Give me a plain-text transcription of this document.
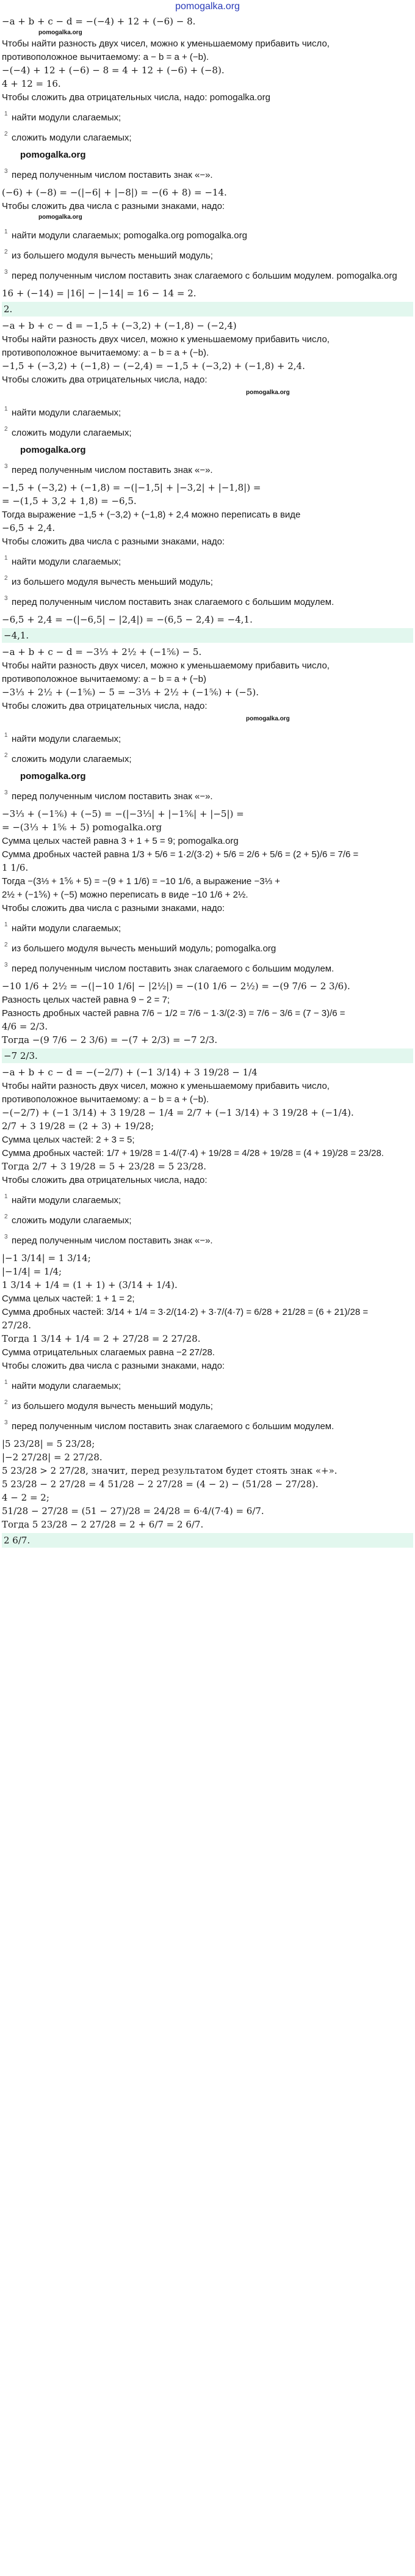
pomogalka.org
−a + b + c − d = −(−4) + 12 + (−6) − 8.
pomogalka.org
Чтобы найти разность двух чисел, можно к уменьшаемому прибавить число,
противоположное вычитаемому: a − b = a + (−b).
−(−4) + 12 + (−6) − 8 = 4 + 12 + (−6) + (−8).
4 + 12 = 16.
Чтобы сложить два отрицательных числа, надо: pomogalka.org
1 найти модули слагаемых;
2 сложить модули слагаемых;
pomogalka.org
3 перед полученным числом поставить знак «−».
(−6) + (−8) = −(|−6| + |−8|) = −(6 + 8) = −14.
Чтобы сложить два числа с разными знаками, надо:
pomogalka.org
1 найти модули слагаемых; pomogalka.org pomogalka.org
2 из большего модуля вычесть меньший модуль;
3 перед полученным числом поставить знак слагаемого с большим модулем. pomogalka.org
16 + (−14) = |16| − |−14| = 16 − 14 = 2.
2.
−a + b + c − d = −1,5 + (−3,2) + (−1,8) − (−2,4)
Чтобы найти разность двух чисел, можно к уменьшаемому прибавить число,
противоположное вычитаемому: a − b = a + (−b).
−1,5 + (−3,2) + (−1,8) − (−2,4) = −1,5 + (−3,2) + (−1,8) + 2,4.
Чтобы сложить два отрицательных числа, надо:
pomogalka.org
1 найти модули слагаемых;
2 сложить модули слагаемых;
pomogalka.org
3 перед полученным числом поставить знак «−».
−1,5 + (−3,2) + (−1,8) = −(|−1,5| + |−3,2| + |−1,8|) =
= −(1,5 + 3,2 + 1,8) = −6,5.
Тогда выражение −1,5 + (−3,2) + (−1,8) + 2,4 можно переписать в виде
−6,5 + 2,4.
Чтобы сложить два числа с разными знаками, надо:
1 найти модули слагаемых;
2 из большего модуля вычесть меньший модуль;
3 перед полученным числом поставить знак слагаемого с большим модулем.
−6,5 + 2,4 = −(|−6,5| − |2,4|) = −(6,5 − 2,4) = −4,1.
−4,1.
−a + b + c − d = −3⅓ + 2½ + (−1⅚) − 5.
Чтобы найти разность двух чисел, можно к уменьшаемому прибавить число,
противоположное вычитаемому: a − b = a + (−b)
−3⅓ + 2½ + (−1⅚) − 5 = −3⅓ + 2½ + (−1⅚) + (−5).
Чтобы сложить два отрицательных числа, надо:
pomogalka.org
1 найти модули слагаемых;
2 сложить модули слагаемых;
pomogalka.org
3 перед полученным числом поставить знак «−».
−3⅓ + (−1⅚) + (−5) = −(|−3⅓| + |−1⅚| + |−5|) =
= −(3⅓ + 1⅚ + 5) pomogalka.org
Сумма целых частей равна 3 + 1 + 5 = 9; pomogalka.org
Сумма дробных частей равна 1/3 + 5/6 = 1·2/(3·2) + 5/6 = 2/6 + 5/6 = (2 + 5)/6 = 7/6 =
1 1/6.
Тогда −(3⅓ + 1⅚ + 5) = −(9 + 1 1/6) = −10 1/6, а выражение −3⅓ +
2½ + (−1⅚) + (−5) можно переписать в виде −10 1/6 + 2½.
Чтобы сложить два числа с разными знаками, надо:
1 найти модули слагаемых;
2 из большего модуля вычесть меньший модуль; pomogalka.org
3 перед полученным числом поставить знак слагаемого с большим модулем.
−10 1/6 + 2½ = −(|−10 1/6| − |2½|) = −(10 1/6 − 2½) = −(9 7/6 − 2 3/6).
Разность целых частей равна 9 − 2 = 7;
Разность дробных частей равна 7/6 − 1/2 = 7/6 − 1·3/(2·3) = 7/6 − 3/6 = (7 − 3)/6 =
4/6 = 2/3.
Тогда −(9 7/6 − 2 3/6) = −(7 + 2/3) = −7 2/3.
−7 2/3.
−a + b + c − d = −(−2/7) + (−1 3/14) + 3 19/28 − 1/4
Чтобы найти разность двух чисел, можно к уменьшаемому прибавить число,
противоположное вычитаемому: a − b = a + (−b).
−(−2/7) + (−1 3/14) + 3 19/28 − 1/4 = 2/7 + (−1 3/14) + 3 19/28 + (−1/4).
2/7 + 3 19/28 = (2 + 3) + 19/28;
Сумма целых частей: 2 + 3 = 5;
Сумма дробных частей: 1/7 + 19/28 = 1·4/(7·4) + 19/28 = 4/28 + 19/28 = (4 + 19)/28 = 23/28.
Тогда 2/7 + 3 19/28 = 5 + 23/28 = 5 23/28.
Чтобы сложить два отрицательных числа, надо:
1 найти модули слагаемых;
2 сложить модули слагаемых;
3 перед полученным числом поставить знак «−».
|−1 3/14| = 1 3/14;
|−1/4| = 1/4;
1 3/14 + 1/4 = (1 + 1) + (3/14 + 1/4).
Сумма целых частей: 1 + 1 = 2;
Сумма дробных частей: 3/14 + 1/4 = 3·2/(14·2) + 3·7/(4·7) = 6/28 + 21/28 = (6 + 21)/28 =
27/28.
Тогда 1 3/14 + 1/4 = 2 + 27/28 = 2 27/28.
Сумма отрицательных слагаемых равна −2 27/28.
Чтобы сложить два числа с разными знаками, надо:
1 найти модули слагаемых;
2 из большего модуля вычесть меньший модуль;
3 перед полученным числом поставить знак слагаемого с большим модулем.
|5 23/28| = 5 23/28;
|−2 27/28| = 2 27/28.
5 23/28 > 2 27/28, значит, перед результатом будет стоять знак «+».
5 23/28 − 2 27/28 = 4 51/28 − 2 27/28 = (4 − 2) − (51/28 − 27/28).
4 − 2 = 2;
51/28 − 27/28 = (51 − 27)/28 = 24/28 = 6·4/(7·4) = 6/7.
Тогда 5 23/28 − 2 27/28 = 2 + 6/7 = 2 6/7.
2 6/7.
